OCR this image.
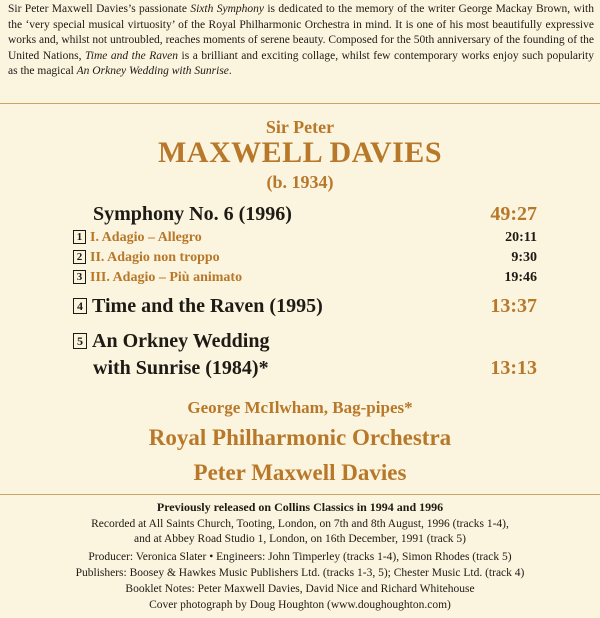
Sir Peter Maxwell Davies’s passionate Sixth Symphony is dedicated to the memory of the writer George Mackay Brown, with the ‘very special musical virtuosity’ of the Royal Philharmonic Orchestra in mind. It is one of his most beautifully expressive works and, whilst not untroubled, reaches moments of serene beauty. Composed for the 50th anniversary of the founding of the United Nations, Time and the Raven is a brilliant and exciting collage, whilst few contemporary works enjoy such popularity as the magical An Orkney Wedding with Sunrise.

Sir Peter
MAXWELL DAVIES
(b. 1934)
Symphony No. 6 (1996)	49:27
1 I. Adagio – Allegro	20:11
2 II. Adagio non troppo	9:30
3 III. Adagio – Più animato	19:46
4 Time and the Raven (1995)	13:37
5 An Orkney Wedding
with Sunrise (1984)*	13:13
George McIlwham, Bag-pipes*
Royal Philharmonic Orchestra
Peter Maxwell Davies
Previously released on Collins Classics in 1994 and 1996
Recorded at All Saints Church, Tooting, London, on 7th and 8th August, 1996 (tracks 1-4),
and at Abbey Road Studio 1, London, on 16th December, 1991 (track 5)
Producer: Veronica Slater • Engineers: John Timperley (tracks 1-4), Simon Rhodes (track 5)
Publishers: Boosey & Hawkes Music Publishers Ltd. (tracks 1-3, 5); Chester Music Ltd. (track 4)
Booklet Notes: Peter Maxwell Davies, David Nice and Richard Whitehouse
Cover photograph by Doug Houghton (www.doughoughton.com)
